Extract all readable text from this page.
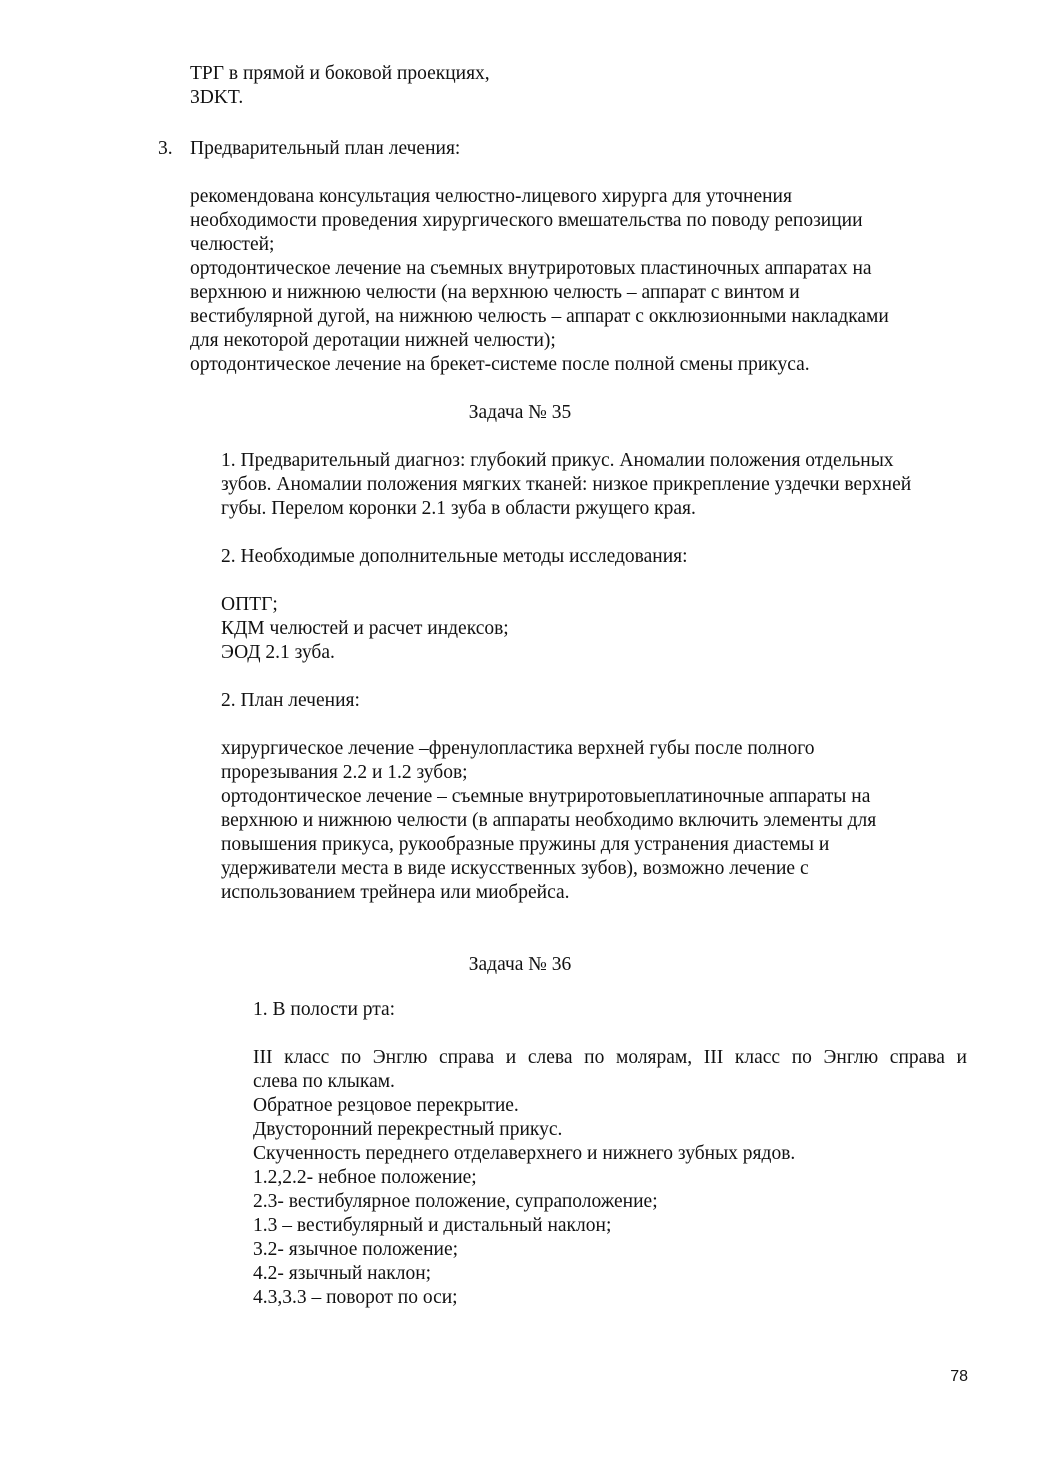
ТРГ в прямой и боковой проекциях,
3DKT.
3. Предварительный план лечения:
рекомендована консультация челюстно-лицевого хирурга для уточнения
необходимости проведения хирургического вмешательства по поводу репозиции
челюстей;
ортодонтическое лечение на съемных внутриротовых пластиночных аппаратах на
верхнюю и нижнюю челюсти (на верхнюю челюсть – аппарат с винтом и
вестибулярной дугой, на нижнюю челюсть – аппарат с окклюзионными накладками
для некоторой деротации нижней челюсти);
ортодонтическое лечение на брекет-системе после полной смены прикуса.
Задача № 35
1. Предварительный диагноз: глубокий прикус. Аномалии положения отдельных
зубов. Аномалии положения мягких тканей: низкое прикрепление уздечки верхней
губы. Перелом коронки 2.1 зуба в области ржущего края.
2. Необходимые дополнительные методы исследования:
ОПТГ;
КДМ челюстей и расчет индексов;
ЭОД 2.1 зуба.
2. План лечения:
хирургическое лечение –френулопластика верхней губы после полного
прорезывания 2.2 и 1.2 зубов;
ортодонтическое лечение – съемные внутриротовыеплатиночные аппараты на
верхнюю и нижнюю челюсти (в аппараты необходимо включить элементы для
повышения прикуса, рукообразные пружины для устранения диастемы и
удерживатели места в виде искусственных зубов), возможно лечение с
использованием трейнера или миобрейса.
Задача № 36
1. В полости рта:
III класс по Энглю справа и слева по молярам, III класс по Энглю справа и
слева по клыкам.
Обратное резцовое перекрытие.
Двусторонний перекрестный прикус.
Скученность переднего отделаверхнего и нижнего зубных рядов.
1.2,2.2- небное положение;
2.3- вестибулярное положение, супраположение;
1.3 – вестибулярный и дистальный наклон;
3.2- язычное положение;
4.2- язычный наклон;
4.3,3.3 – поворот по оси;
78
